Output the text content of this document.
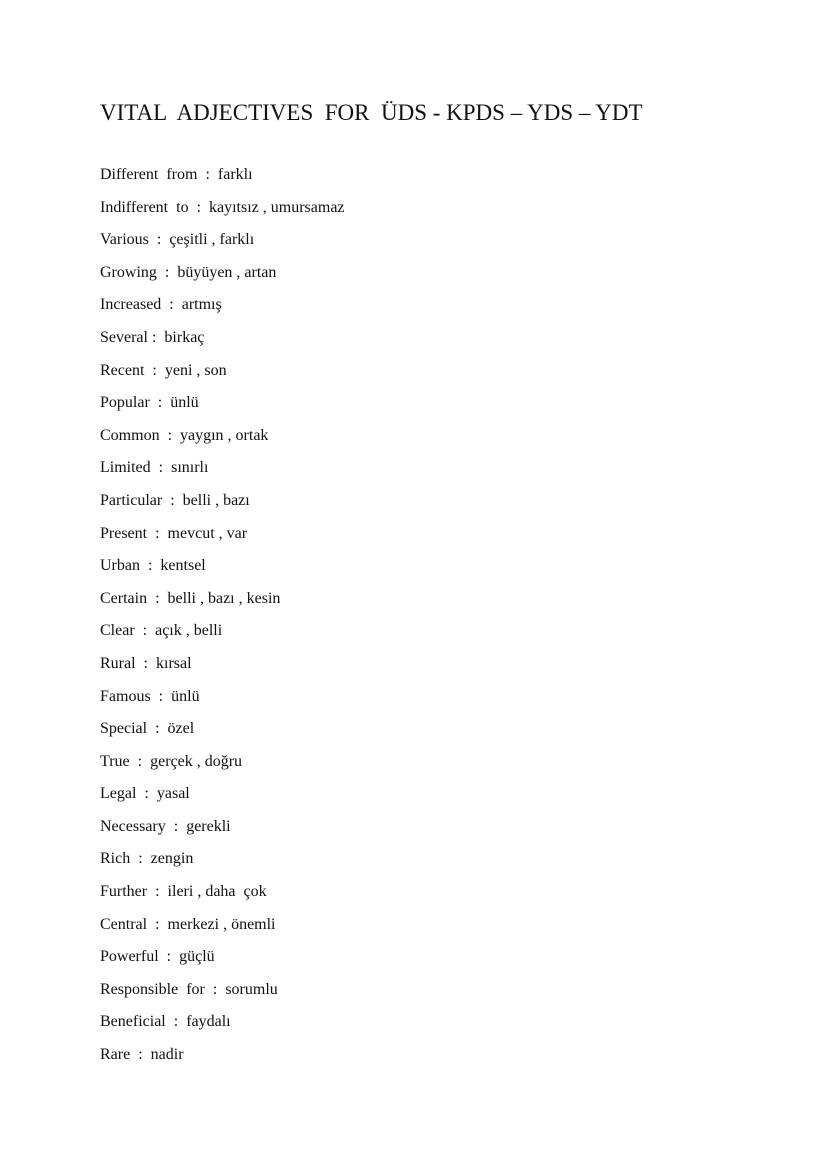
VITAL  ADJECTIVES  FOR  ÜDS - KPDS – YDS – YDT
Different  from  :  farklı
Indifferent  to  :  kayıtsız , umursamaz
Various  :  çeşitli , farklı
Growing  :  büyüyen , artan
Increased  :  artmış
Several :  birkaç
Recent  :  yeni , son
Popular  :  ünlü
Common  :  yaygın , ortak
Limited  :  sınırlı
Particular  :  belli , bazı
Present  :  mevcut , var
Urban  :  kentsel
Certain  :  belli , bazı , kesin
Clear  :  açık , belli
Rural  :  kırsal
Famous  :  ünlü
Special  :  özel
True  :  gerçek , doğru
Legal  :  yasal
Necessary  :  gerekli
Rich  :  zengin
Further  :  ileri , daha  çok
Central  :  merkezi , önemli
Powerful  :  güçlü
Responsible  for  :  sorumlu
Beneficial  :  faydalı
Rare  :  nadir
